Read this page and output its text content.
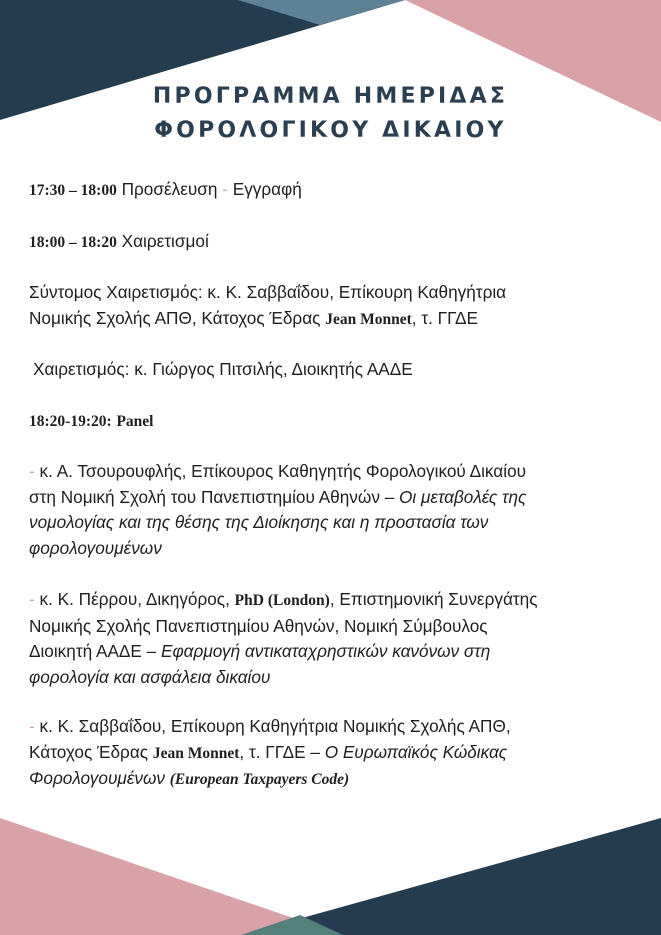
ΠΡΟΓΡΑΜΜΑ ΗΜΕΡΙΔΑΣ
ΦΟΡΟΛΟΓΙΚΟΥ ΔΙΚΑΙΟΥ
17:30 – 18:00 Προσέλευση - Εγγραφή
18:00 – 18:20 Χαιρετισμοί
Σύντομος Χαιρετισμός: κ. Κ. Σαββαΐδου, Επίκουρη Καθηγήτρια
Νομικής Σχολής ΑΠΘ, Κάτοχος Έδρας Jean Monnet, τ. ΓΓΔΕ
Χαιρετισμός: κ. Γιώργος Πιτσιλής, Διοικητής ΑΑΔΕ
18:20-19:20: Panel
- κ. Α. Τσουρουφλής, Επίκουρος Καθηγητής Φορολογικού Δικαίου
στη Νομική Σχολή του Πανεπιστημίου Αθηνών – Οι μεταβολές της
νομολογίας και της θέσης της Διοίκησης και η προστασία των
φορολογουμένων
- κ. Κ. Πέρρου, Δικηγόρος, PhD (London), Επιστημονική Συνεργάτης
Νομικής Σχολής Πανεπιστημίου Αθηνών, Νομική Σύμβουλος
Διοικητή ΑΑΔΕ – Εφαρμογή αντικαταχρηστικών κανόνων στη
φορολογία και ασφάλεια δικαίου
- κ. Κ. Σαββαΐδου, Επίκουρη Καθηγήτρια Νομικής Σχολής ΑΠΘ,
Κάτοχος Έδρας Jean Monnet, τ. ΓΓΔΕ – Ο Ευρωπαϊκός Κώδικας
Φορολογουμένων (European Taxpayers Code)
